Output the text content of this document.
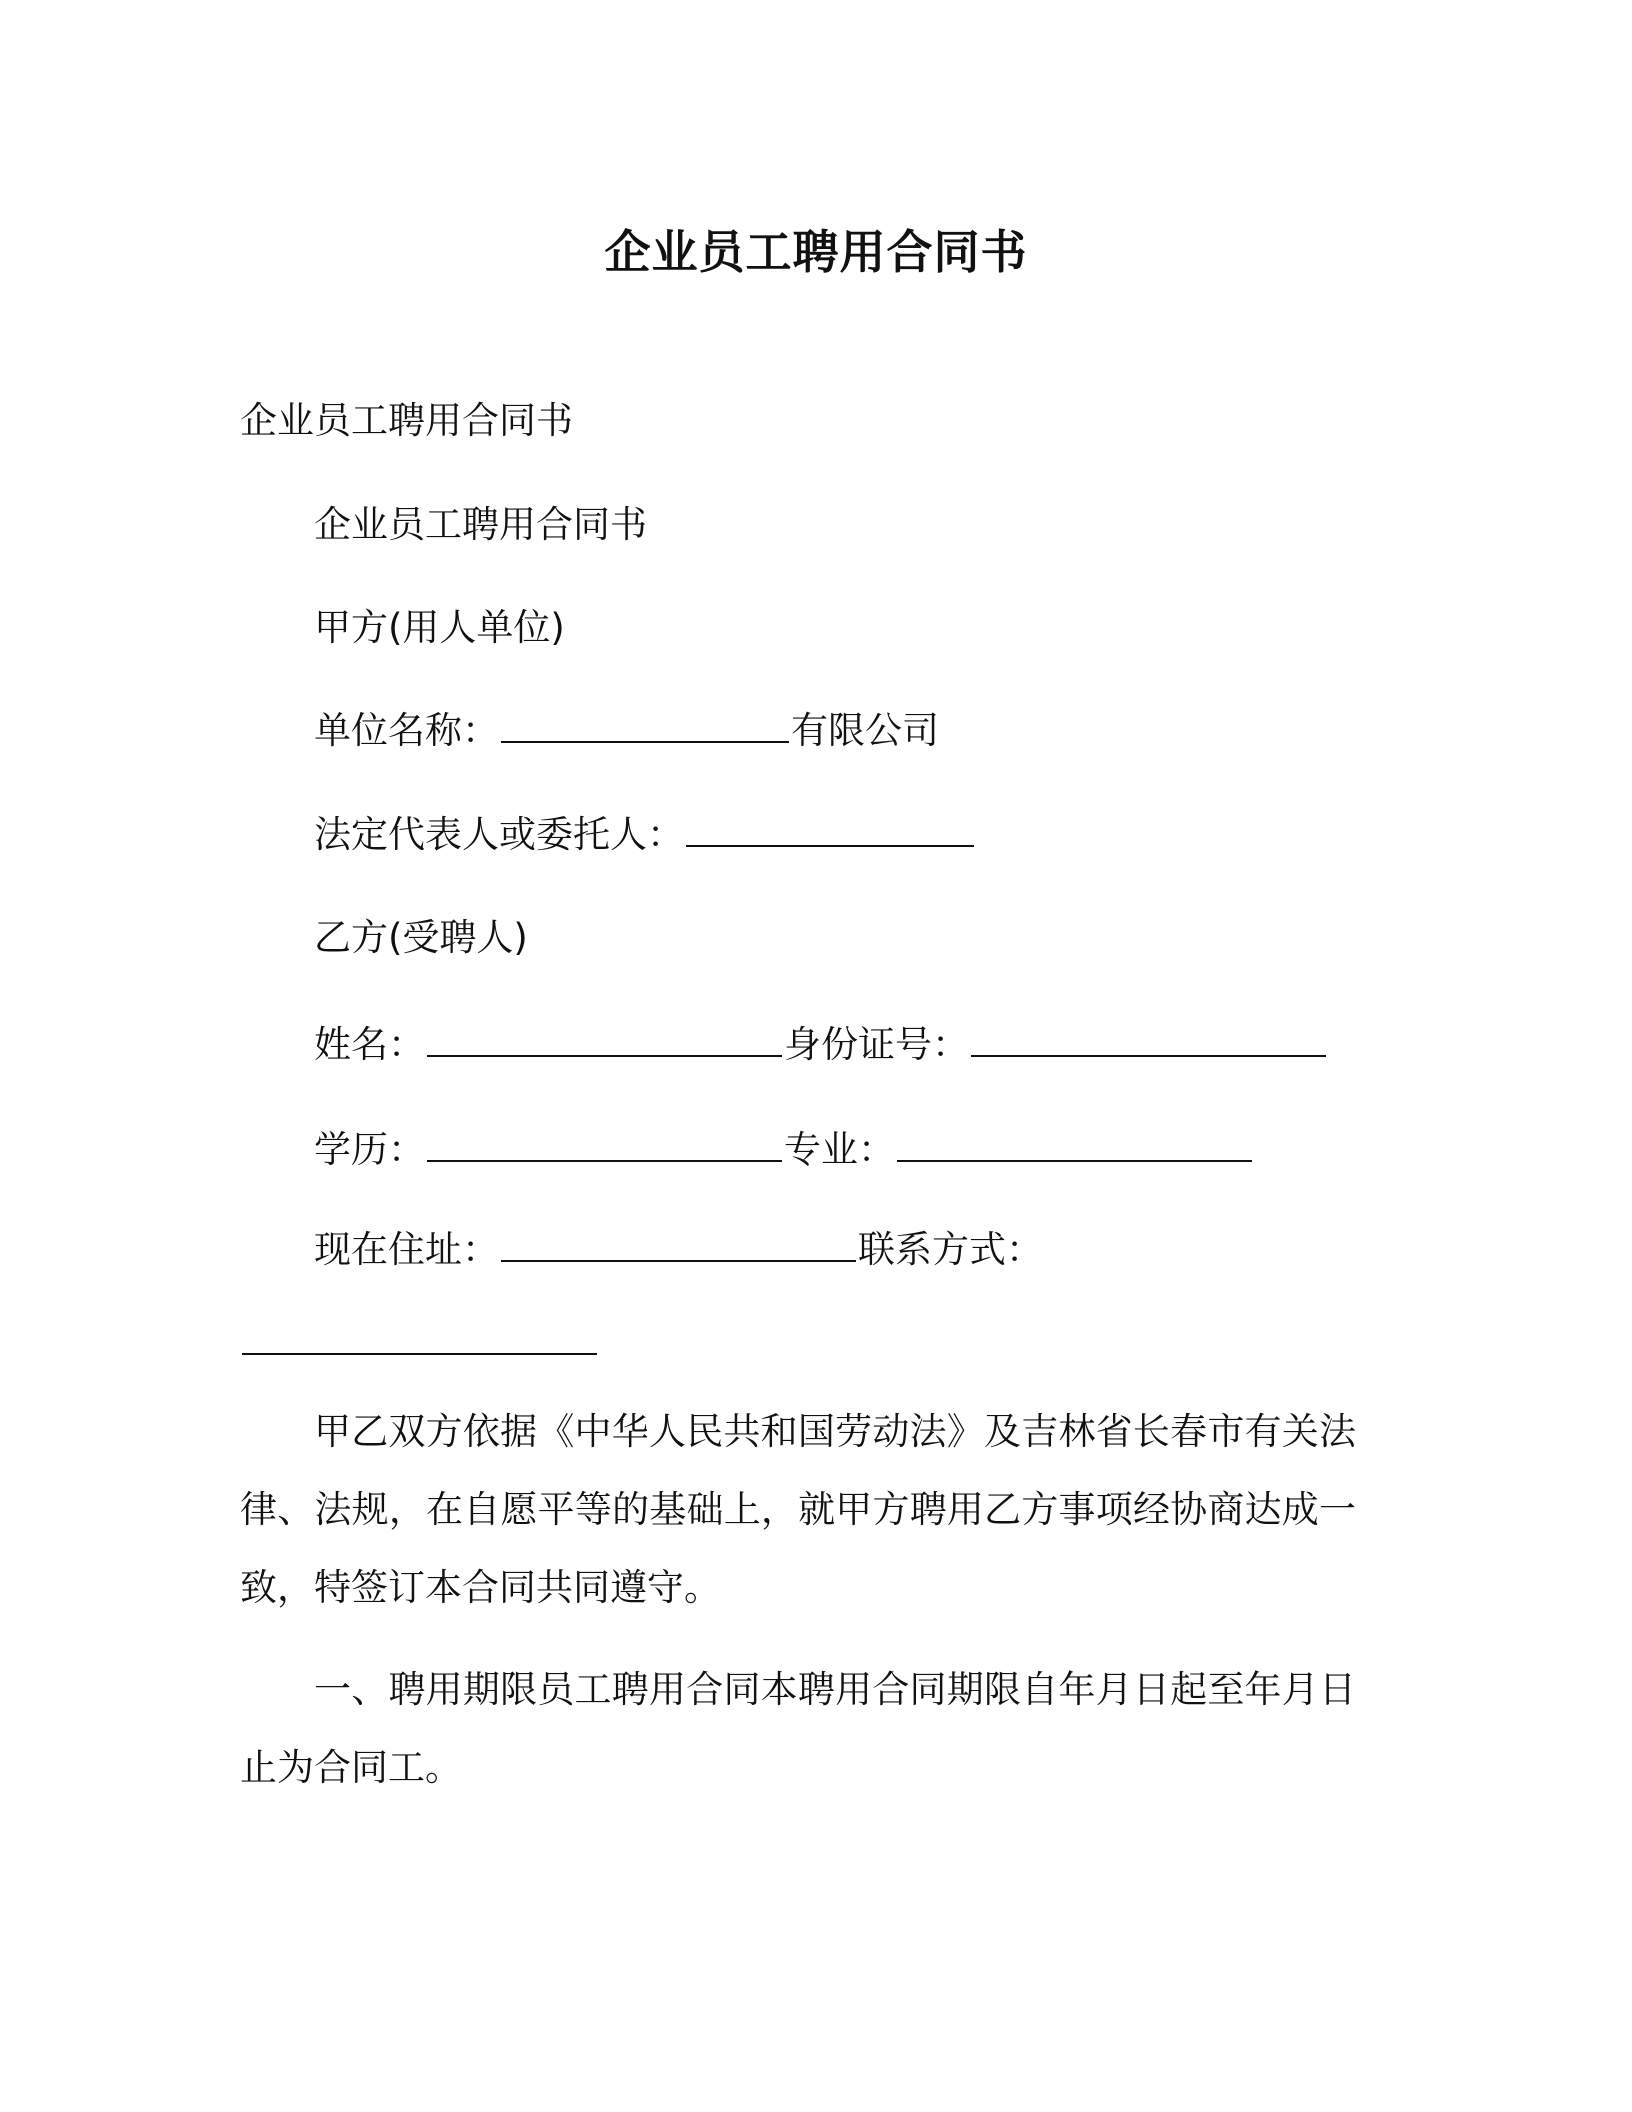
企业员工聘用合同书
企业员工聘用合同书
企业员工聘用合同书
甲方(用人单位)
单位名称：	有限公司
法定代表人或委托人：
乙方(受聘人)
姓名：	身份证号：
学历：	专业：
现在住址：	联系方式：
甲乙双方依据《中华人民共和国劳动法》及吉林省长春市有关法律、法规，在自愿平等的基础上，就甲方聘用乙方事项经协商达成一致，特签订本合同共同遵守。
一、聘用期限员工聘用合同本聘用合同期限自年月日起至年月日止为合同工。
